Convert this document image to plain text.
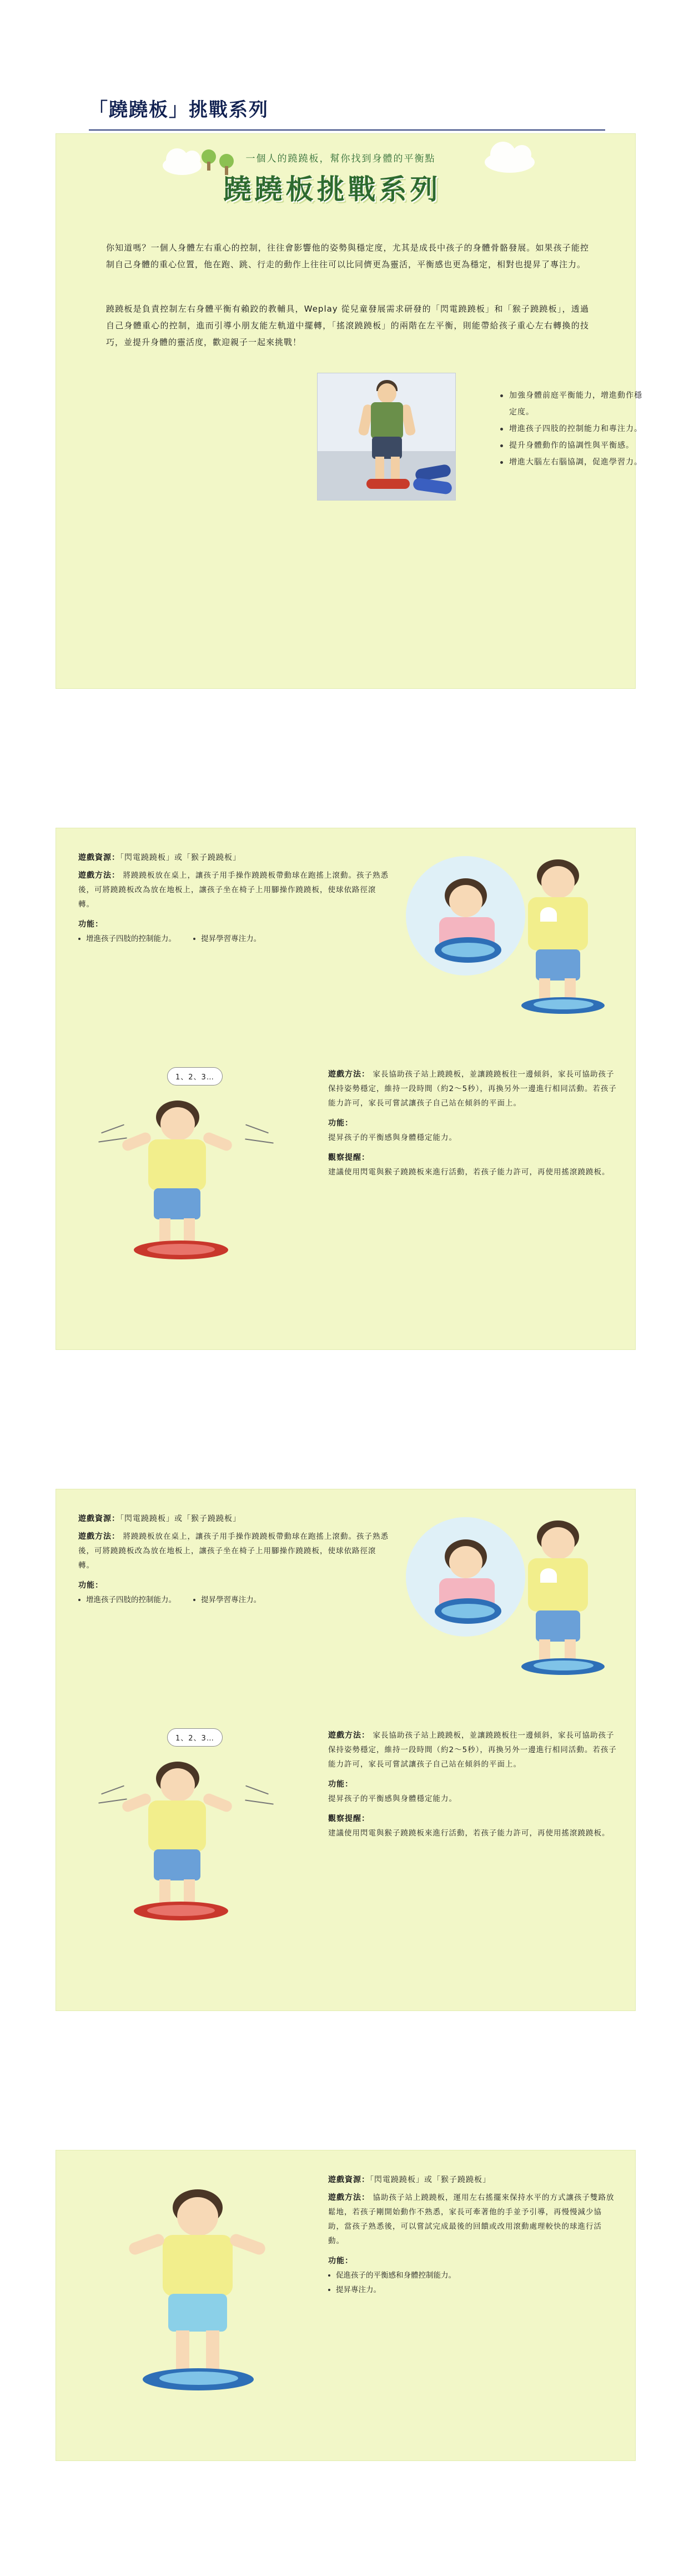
「蹺蹺板」挑戰系列
一個人的蹺蹺板，幫你找到身體的平衡點
蹺蹺板挑戰系列
你知道嗎？一個人身體左右重心的控制，往往會影響他的姿勢與穩定度，尤其是成長中孩子的身體骨骼發展。如果孩子能控制自己身體的重心位置，他在跑、跳、行走的動作上往往可以比同儕更為靈活，平衡感也更為穩定，相對也提昇了專注力。
蹺蹺板是負責控制左右身體平衡有賴跤的教輔具，Weplay 從兒童發展需求研發的「閃電蹺蹺板」和「猴子蹺蹺板」，透過自己身體重心的控制，進而引導小朋友能左軌道中擺轉，「搖滾蹺蹺板」的兩階在左平衡，則能帶給孩子重心左右轉換的技巧，並提升身體的靈活度，歡迎親子一起來挑戰！
加強身體前庭平衡能力，增進動作穩定度。
增進孩子四肢的控制能力和專注力。
提升身體動作的協調性與平衡感。
增進大腦左右腦協調，促進學習力。
遊戲資源：「閃電蹺蹺板」或「猴子蹺蹺板」
遊戲方法： 將蹺蹺板放在桌上，讓孩子用手操作蹺蹺板帶動球在跑搖上滾動。孩子熟悉後，可將蹺蹺板改為放在地板上，讓孩子坐在椅子上用腳操作蹺蹺板，使球依路徑滾轉。
功能：
增進孩子四肢的控制能力。	提昇學習專注力。
1、2、3…	遊戲方法： 家長協助孩子站上蹺蹺板，並讓蹺蹺板往一邊傾斜，家長可協助孩子保持姿勢穩定，維持一段時間（約2～5秒），再換另外一邊進行相同活動。若孩子能力許可，家長可嘗試讓孩子自己站在傾斜的平面上。
功能：
提昇孩子的平衡感與身體穩定能力。
觀察提醒：
建議使用閃電與猴子蹺蹺板來進行活動，若孩子能力許可，再使用搖滾蹺蹺板。
遊戲資源：「閃電蹺蹺板」或「猴子蹺蹺板」
遊戲方法： 將蹺蹺板放在桌上，讓孩子用手操作蹺蹺板帶動球在跑搖上滾動。孩子熟悉後，可將蹺蹺板改為放在地板上，讓孩子坐在椅子上用腳操作蹺蹺板，使球依路徑滾轉。
功能：
增進孩子四肢的控制能力。	提昇學習專注力。
1、2、3…	遊戲方法： 家長協助孩子站上蹺蹺板，並讓蹺蹺板往一邊傾斜，家長可協助孩子保持姿勢穩定，維持一段時間（約2～5秒），再換另外一邊進行相同活動。若孩子能力許可，家長可嘗試讓孩子自己站在傾斜的平面上。
功能：
提昇孩子的平衡感與身體穩定能力。
觀察提醒：
建議使用閃電與猴子蹺蹺板來進行活動，若孩子能力許可，再使用搖滾蹺蹺板。
遊戲資源：「閃電蹺蹺板」或「猴子蹺蹺板」
遊戲方法： 協助孩子站上蹺蹺板，運用左右搖擺來保持水平的方式讓孩子雙路放鬆地，若孩子剛開始動作不熟悉，家長可牽著他的手並予引導，再慢慢減少協助，當孩子熟悉後，可以嘗試完成最後的回饋或改用滾動處理較快的球進行活動。
功能：
促進孩子的平衡感和身體控制能力。
提昇專注力。
